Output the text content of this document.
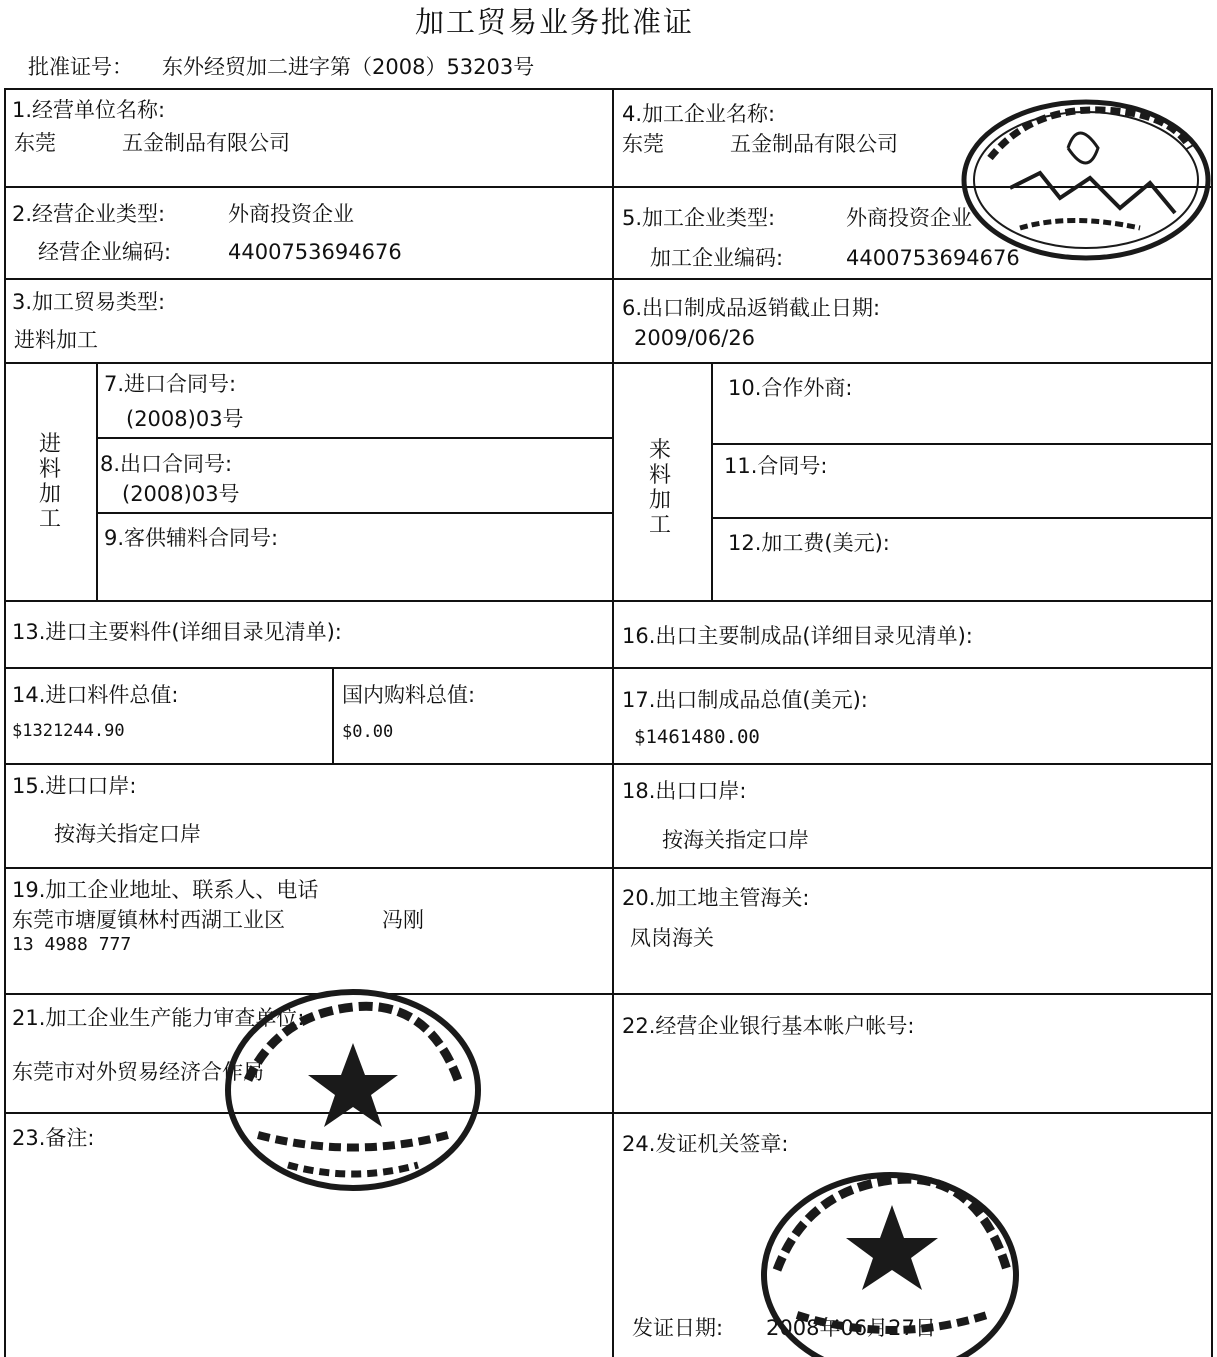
加工贸易业务批准证
批准证号： 东外经贸加二进字第（2008）53203号
1.经营单位名称:
东莞	五金制品有限公司
4.加工企业名称:
东莞	五金制品有限公司
2.经营企业类型:	外商投资企业
经营企业编码:	4400753694676
5.加工企业类型:	外商投资企业
加工企业编码:	4400753694676
3.加工贸易类型:
进料加工
6.出口制成品返销截止日期:
2009/06/26
进料加工
7.进口合同号:
(2008)03号
8.出口合同号:
(2008)03号
9.客供辅料合同号:
来料加工
10.合作外商:
11.合同号:
12.加工费(美元):
13.进口主要料件(详细目录见清单):	16.出口主要制成品(详细目录见清单):
14.进口料件总值:
$1321244.90
国内购料总值:
$0.00
17.出口制成品总值(美元):
$1461480.00
15.进口口岸:
按海关指定口岸
18.出口口岸:
按海关指定口岸
19.加工企业地址、联系人、电话
东莞市塘厦镇林村西湖工业区	冯刚
13 4988 777
20.加工地主管海关:
凤岗海关
21.加工企业生产能力审查单位:
东莞市对外贸易经济合作局
22.经营企业银行基本帐户帐号:
23.备注:	24.发证机关签章:
发证日期: 2008年06月27日
